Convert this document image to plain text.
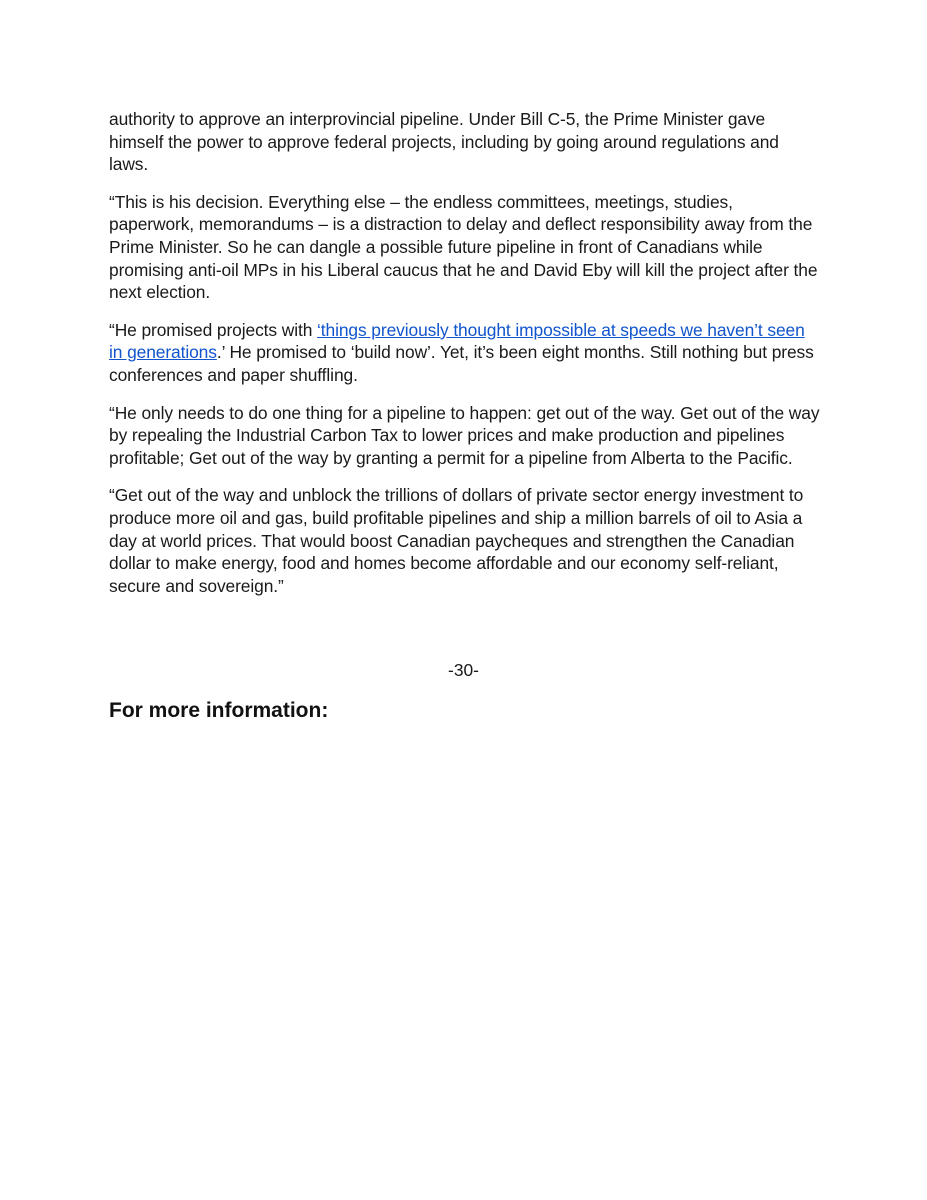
authority to approve an interprovincial pipeline. Under Bill C-5, the Prime Minister gave himself the power to approve federal projects, including by going around regulations and laws.

“This is his decision. Everything else – the endless committees, meetings, studies, paperwork, memorandums – is a distraction to delay and deflect responsibility away from the Prime Minister. So he can dangle a possible future pipeline in front of Canadians while promising anti-oil MPs in his Liberal caucus that he and David Eby will kill the project after the next election.

“He promised projects with ‘things previously thought impossible at speeds we haven’t seen in generations.’ He promised to ‘build now’. Yet, it’s been eight months. Still nothing but press conferences and paper shuffling.

“He only needs to do one thing for a pipeline to happen: get out of the way. Get out of the way by repealing the Industrial Carbon Tax to lower prices and make production and pipelines profitable; Get out of the way by granting a permit for a pipeline from Alberta to the Pacific.

“Get out of the way and unblock the trillions of dollars of private sector energy investment to produce more oil and gas, build profitable pipelines and ship a million barrels of oil to Asia a day at world prices. That would boost Canadian paycheques and strengthen the Canadian dollar to make energy, food and homes become affordable and our economy self-reliant, secure and sovereign.”

-30-
For more information:
